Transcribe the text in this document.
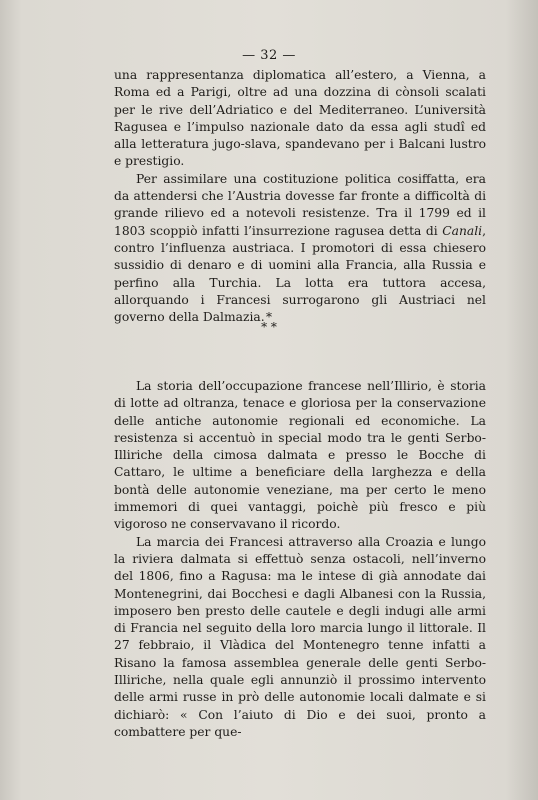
— 32 —

una rappresentanza diplomatica all’estero, a Vienna, a Roma ed a Parigi, oltre ad una dozzina di cònsoli scalati per le rive dell’Adriatico e del Mediterraneo. L’università Ragusea e l’impulso nazionale dato da essa agli studî ed alla letteratura jugo-slava, spandevano per i Balcani lustro e prestigio.

Per assimilare una costituzione politica cosiffatta, era da attendersi che l’Austria dovesse far fronte a difficoltà di grande rilievo ed a notevoli resistenze. Tra il 1799 ed il 1803 scoppiò infatti l’insurrezione ragusea detta di Canali, contro l’influenza austriaca. I promotori di essa chiesero sussidio di denaro e di uomini alla Francia, alla Russia e perfino alla Turchia. La lotta era tuttora accesa, allorquando i Francesi surrogarono gli Austriaci nel governo della Dalmazia. *
* *

La storia dell’occupazione francese nell’Illirio, è storia di lotte ad oltranza, tenace e gloriosa per la conservazione delle antiche autonomie regionali ed economiche. La resistenza si accentuò in special modo tra le genti Serbo-Illiriche della cimosa dalmata e presso le Bocche di Cattaro, le ultime a beneficiare della larghezza e della bontà delle autonomie veneziane, ma per certo le meno immemori di quei vantaggi, poichè più fresco e più vigoroso ne conservavano il ricordo.

La marcia dei Francesi attraverso alla Croazia e lungo la riviera dalmata si effettuò senza ostacoli, nell’inverno del 1806, fino a Ragusa: ma le intese di già annodate dai Montenegrini, dai Bocchesi e dagli Albanesi con la Russia, imposero ben presto delle cautele e degli indugi alle armi di Francia nel seguito della loro marcia lungo il littorale. Il 27 febbraio, il Vlàdica del Montenegro tenne infatti a Risano la famosa assemblea generale delle genti Serbo-Illiriche, nella quale egli annunziò il prossimo intervento delle armi russe in prò delle autonomie locali dalmate e si dichiarò: « Con l’aiuto di Dio e dei suoi, pronto a combattere per que-
